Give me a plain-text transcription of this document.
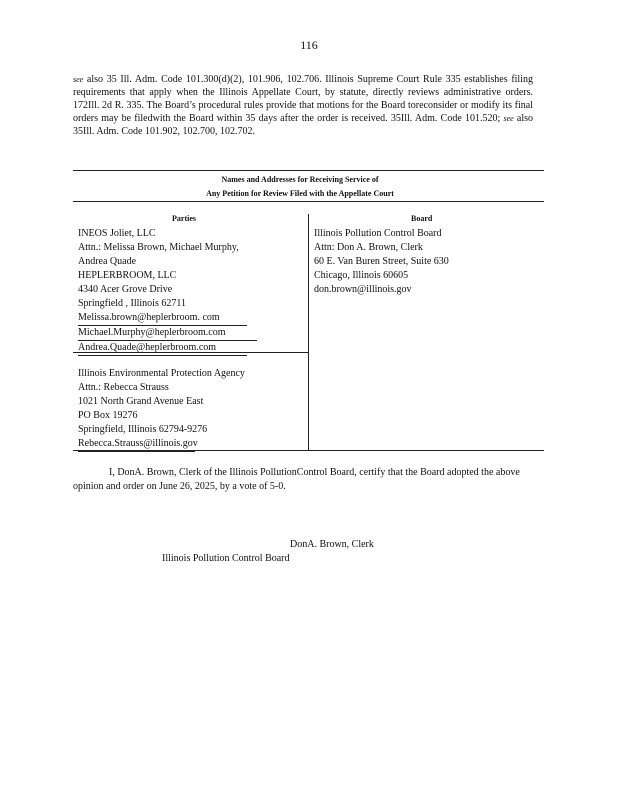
116
see also 35 Ill. Adm. Code 101.300(d)(2), 101.906, 102.706. Illinois Supreme Court Rule 335 establishes filing requirements that apply when the Illinois Appellate Court, by statute, directly reviews administrative orders. 172Ill. 2d R. 335. The Board’s procedural rules provide that motions for the Board toreconsider or modify its final orders may be filedwith the Board within 35 days after the order is received. 35Ill. Adm. Code 101.520; see also 35Ill. Adm. Code 101.902, 102.700, 102.702.
Names and Addresses for Receiving Service of
Any Petition for Review Filed with the Appellate Court
Parties	Board
INEOS Joliet, LLC
Attn.: Melissa Brown, Michael Murphy,
Andrea Quade
HEPLERBROOM, LLC
4340 Acer Grove Drive
Springfield , Illinois 62711
Melissa.brown@heplerbroom. com
Michael.Murphy@heplerbroom.com
Andrea.Quade@heplerbroom.com
Illinois Environmental Protection Agency
Attn.: Rebecca Strauss
1021 North Grand Avenue East
PO Box 19276
Springfield, Illinois 62794-9276
Rebecca.Strauss@illinois.gov
Illinois Pollution Control Board
Attn: Don A. Brown, Clerk
60 E. Van Buren Street, Suite 630
Chicago, Illinois 60605
don.brown@illinois.gov
I, DonA. Brown, Clerk of the Illinois PollutionControl Board, certify that the Board adopted the above opinion and order on June 26, 2025, by a vote of 5-0.
DonA. Brown, Clerk
Illinois Pollution Control Board
